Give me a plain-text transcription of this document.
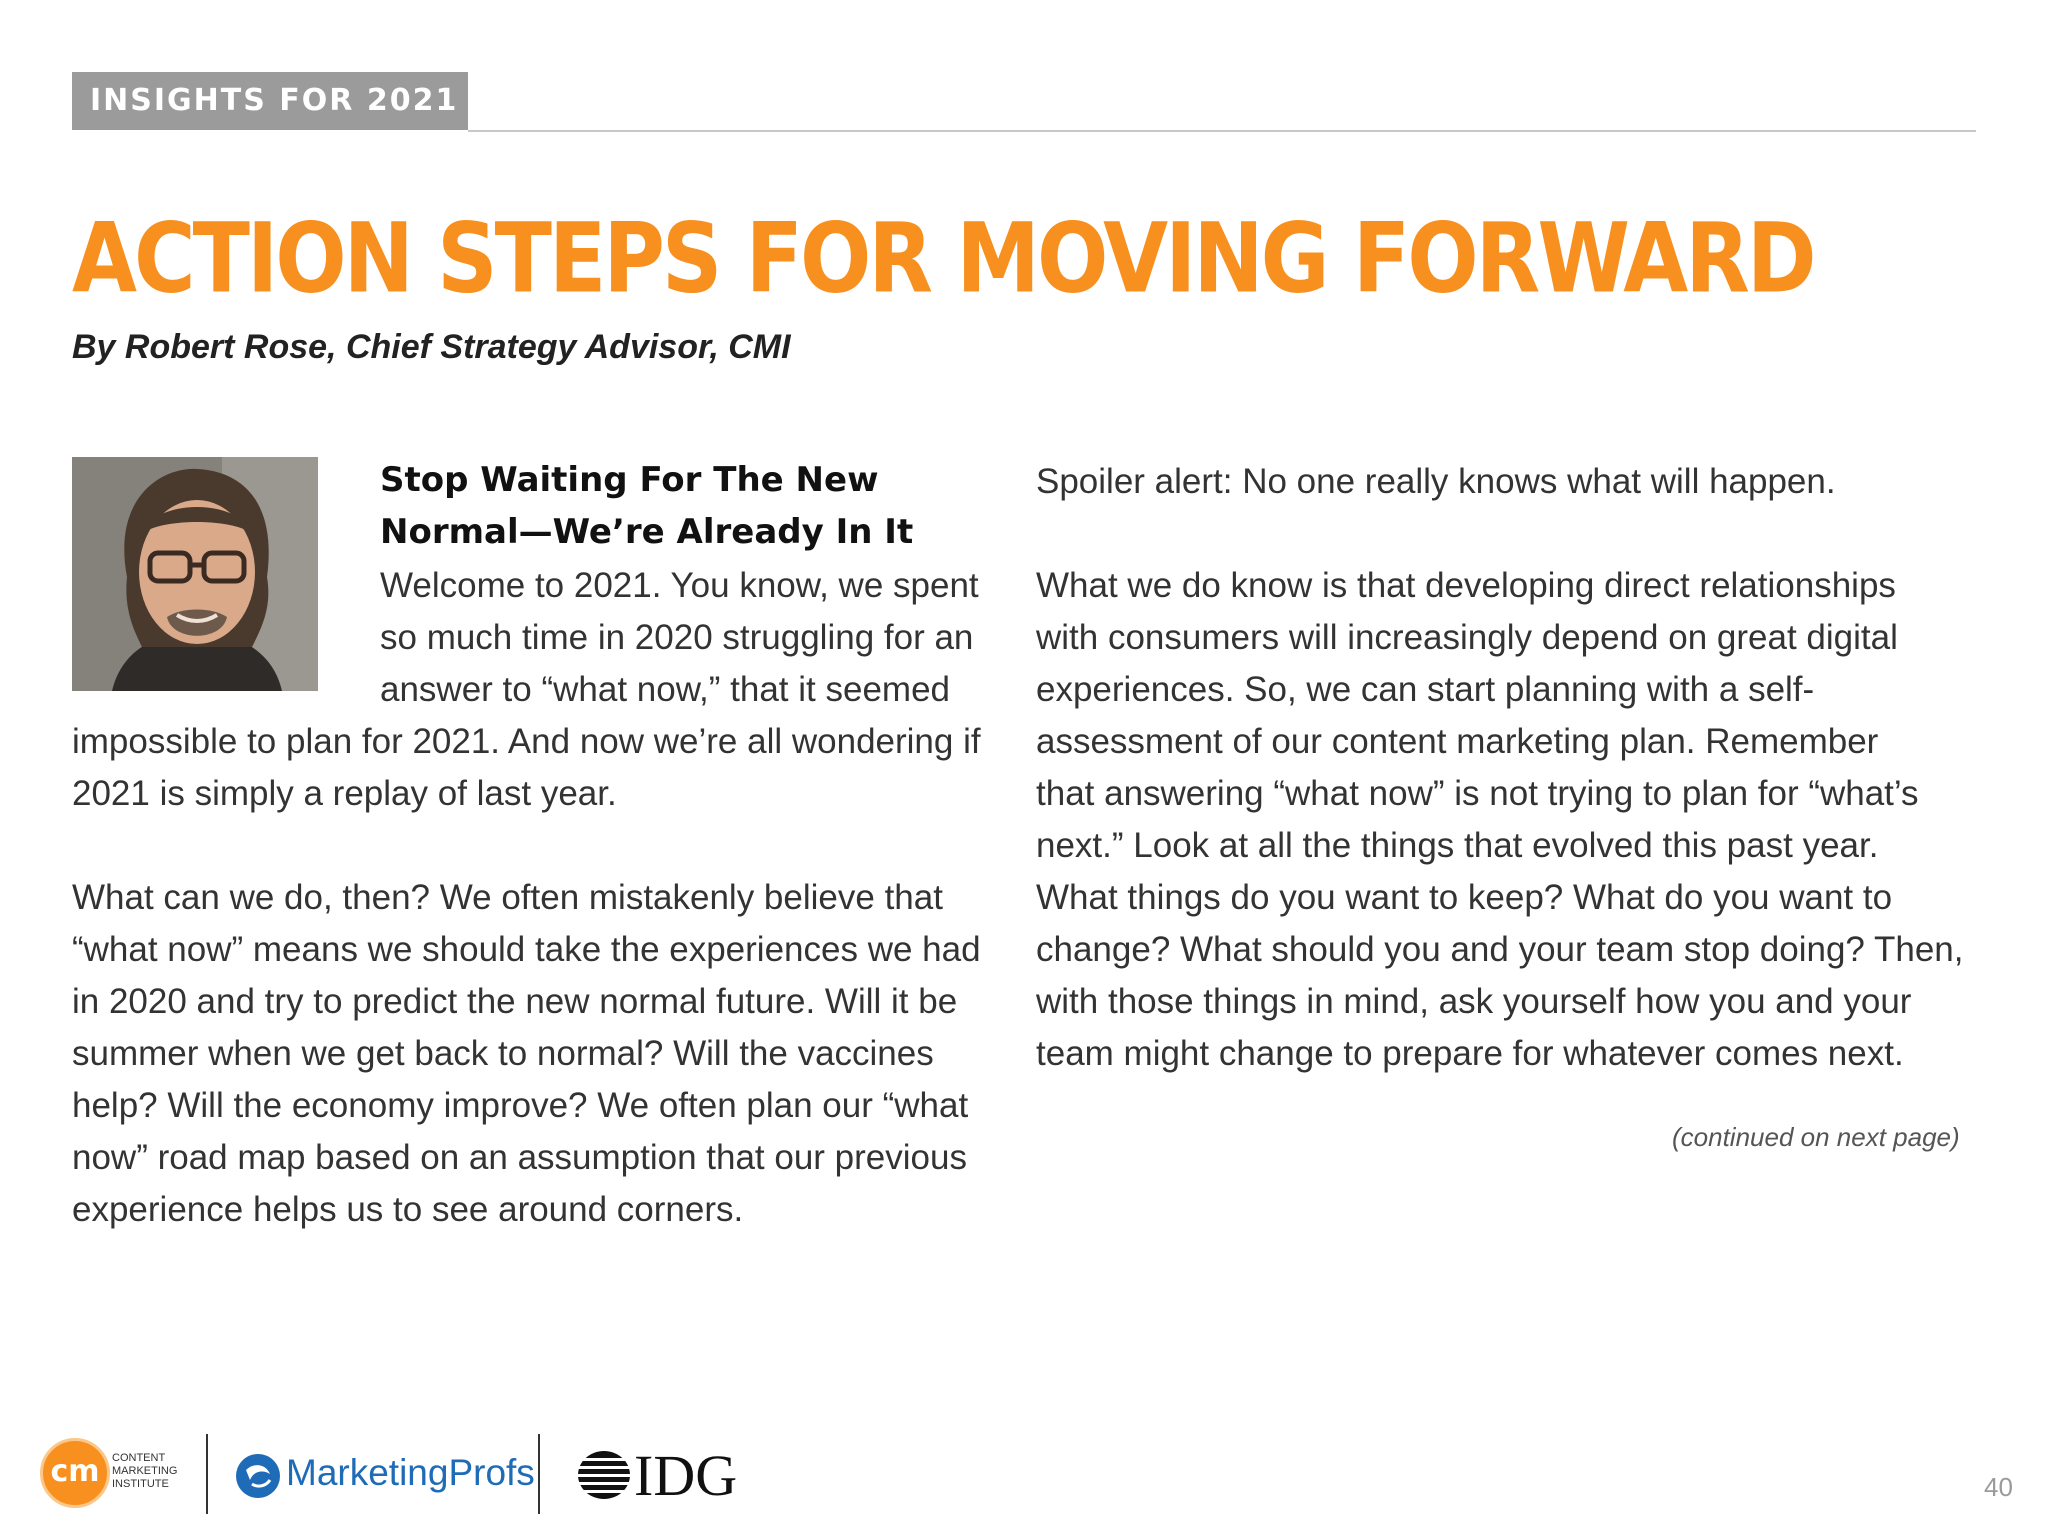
INSIGHTS FOR 2021
ACTION STEPS FOR MOVING FORWARD
By Robert Rose, Chief Strategy Advisor, CMI
Stop Waiting For The New
Normal—We’re Already In It
Welcome to 2021. You know, we spent
so much time in 2020 struggling for an
answer to “what now,” that it seemed
impossible to plan for 2021. And now we’re all wondering if
2021 is simply a replay of last year.
What can we do, then? We often mistakenly believe that
“what now” means we should take the experiences we had
in 2020 and try to predict the new normal future. Will it be
summer when we get back to normal? Will the vaccines
help? Will the economy improve? We often plan our “what
now” road map based on an assumption that our previous
experience helps us to see around corners.
Spoiler alert: No one really knows what will happen.
What we do know is that developing direct relationships
with consumers will increasingly depend on great digital
experiences. So, we can start planning with a self-
assessment of our content marketing plan. Remember
that answering “what now” is not trying to plan for “what’s
next.” Look at all the things that evolved this past year.
What things do you want to keep? What do you want to
change? What should you and your team stop doing? Then,
with those things in mind, ask yourself how you and your
team might change to prepare for whatever comes next.
(continued on next page)
cm	CONTENT
MARKETING
INSTITUTE	MarketingProfs IDG	40
